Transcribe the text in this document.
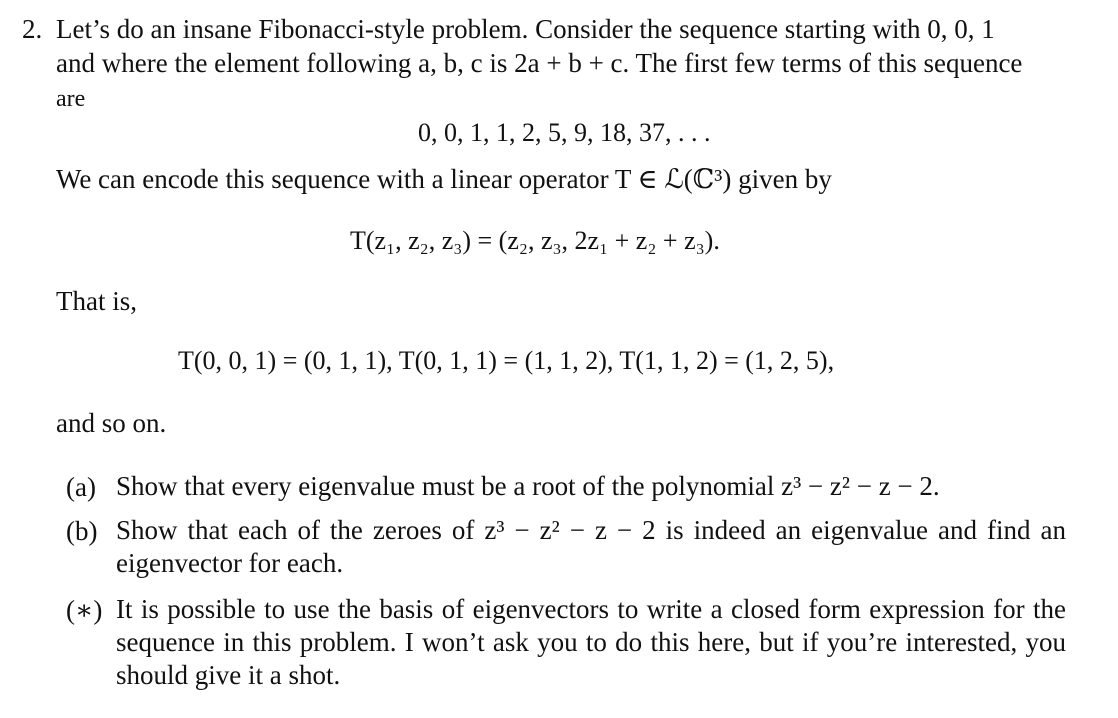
2. Let’s do an insane Fibonacci-style problem. Consider the sequence starting with 0, 0, 1
and where the element following a, b, c is 2a + b + c. The first few terms of this sequence
are
0, 0, 1, 1, 2, 5, 9, 18, 37, . . .
We can encode this sequence with a linear operator T ∈ ℒ(ℂ³) given by
T(z₁, z₂, z₃) = (z₂, z₃, 2z₁ + z₂ + z₃).
That is,
T(0, 0, 1) = (0, 1, 1), T(0, 1, 1) = (1, 1, 2), T(1, 1, 2) = (1, 2, 5),
and so on.
(a) Show that every eigenvalue must be a root of the polynomial z³ − z² − z − 2.
(b) Show that each of the zeroes of z³ − z² − z − 2 is indeed an eigenvalue and find an eigenvector for each.
(∗) It is possible to use the basis of eigenvectors to write a closed form expression for the sequence in this problem. I won’t ask you to do this here, but if you’re interested, you should give it a shot.
